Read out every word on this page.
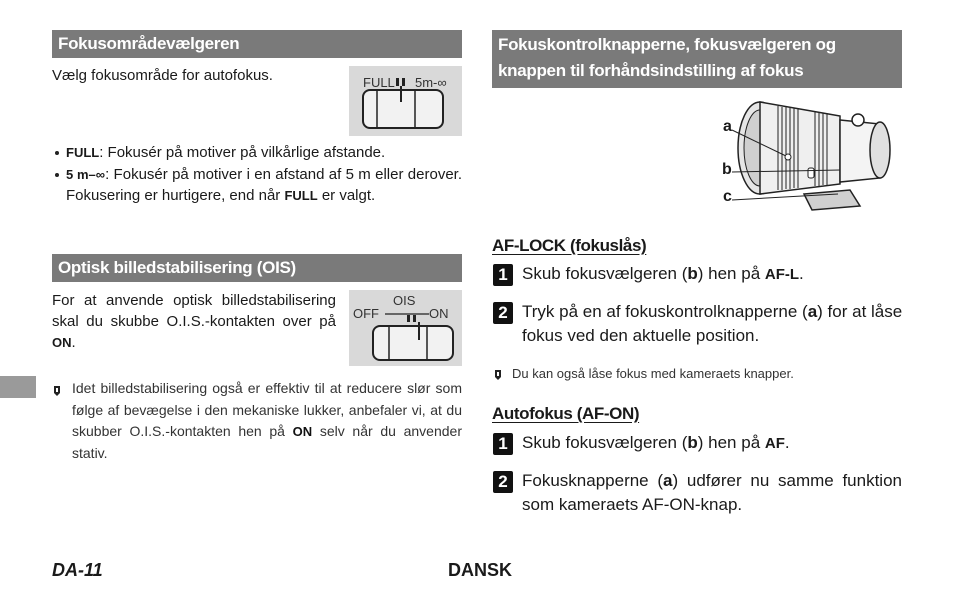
Fokusområdevælgeren
Vælg fokusområde for autofokus.	FULL 5m-∞
FULL: Fokusér på motiver på vilkårlige afstande.
5 m–∞: Fokusér på motiver i en afstand af 5 m eller derover. Fokusering er hurtigere, end når FULL er valgt.
Optisk billedstabilisering (OIS)
For at anvende optisk billedstabilisering skal du skubbe O.I.S.-kontakten over på ON.
OIS
OFF	ON
Idet billedstabilisering også er effektiv til at reducere slør som følge af bevægelse i den mekaniske lukker, anbefaler vi, at du skubber O.I.S.-kontakten hen på ON selv når du anvender stativ.
Fokuskontrolknapperne, fokusvælgeren og knappen til forhåndsindstilling af fokus
a
b
c
AF-LOCK (fokuslås)
1 Skub fokusvælgeren (b) hen på AF-L.
2 Tryk på en af fokuskontrolknapperne (a) for at låse fokus ved den aktuelle position.
Du kan også låse fokus med kameraets knapper.
Autofokus (AF-ON)
1 Skub fokusvælgeren (b) hen på AF.
2 Fokusknapperne (a) udfører nu samme funktion som kameraets AF-ON-knap.
DA-11	DANSK
